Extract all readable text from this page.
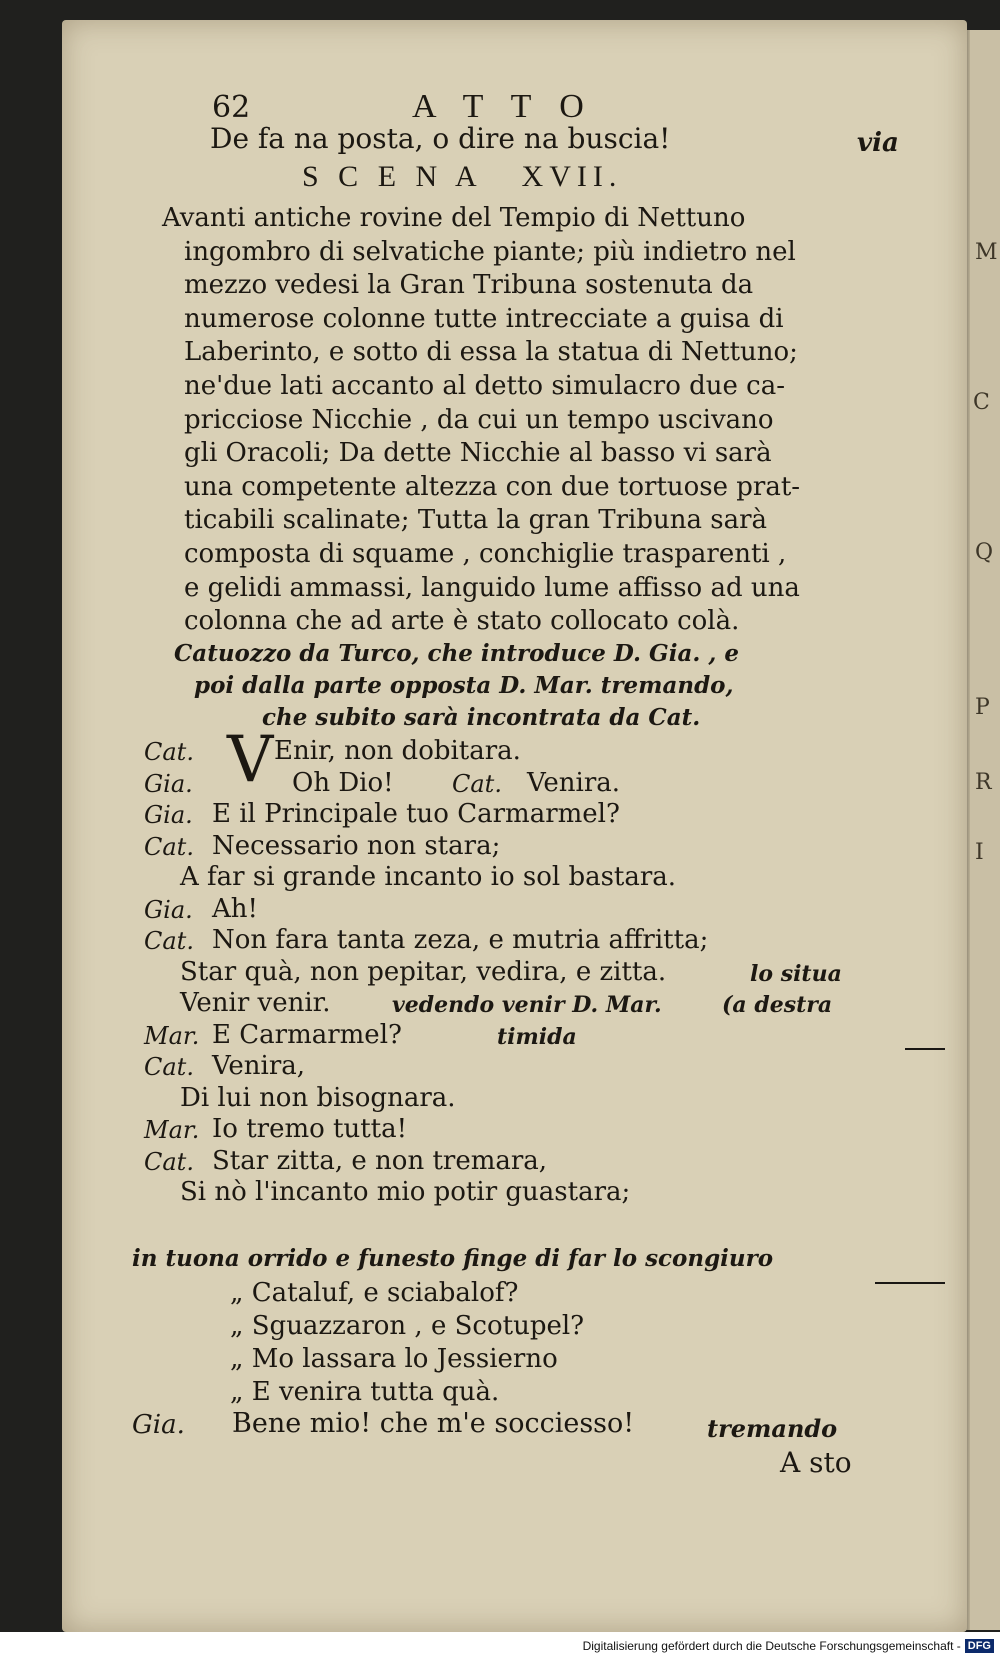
M
C
Q
P
R
I
62	A T T O
De fa na posta, o dire na buscia!	via
S C E N A   XVII.
Avanti antiche rovine del Tempio di Nettuno
ingombro di selvatiche piante; più indietro nel
mezzo vedesi la Gran Tribuna sostenuta da
numerose colonne tutte intrecciate a guisa di
Laberinto, e sotto di essa la statua di Nettuno;
ne'due lati accanto al detto simulacro due ca-
pricciose Nicchie , da cui un tempo uscivano
gli Oracoli; Da dette Nicchie al basso vi sarà
una competente altezza con due tortuose prat-
ticabili scalinate; Tutta la gran Tribuna sarà
composta di squame , conchiglie trasparenti ,
e gelidi ammassi, languido lume affisso ad una
colonna che ad arte è stato collocato colà.
Catuozzo da Turco, che introduce D. Gia. , e
poi dalla parte opposta D. Mar. tremando,
che subito sarà incontrata da Cat.
V
Cat.	Enir, non dobitara.
Gia.	Oh Dio! Cat. Venira.
Gia. E il Principale tuo Carmarmel?
Cat. Necessario non stara;
A far si grande incanto io sol bastara.
Gia. Ah!
Cat. Non fara tanta zeza, e mutria affritta;
Star quà, non pepitar, vedira, e zitta.	lo situa
Venir venir.	vedendo venir D. Mar.	(a destra
Mar. E Carmarmel?	timida
Cat. Venira,
Di lui non bisognara.
Mar. Io tremo tutta!
Cat. Star zitta, e non tremara,
Si nò l'incanto mio potir guastara;
in tuona orrido e funesto finge di far lo scongiuro
„ Cataluf, e sciabalof?
„ Sguazzaron , e Scotupel?
„ Mo lassara lo Jessierno
„ E venira tutta quà.
Gia. Bene mio! che m'e socciesso!	tremando
A sto
Digitalisierung gefördert durch die Deutsche Forschungsgemeinschaft - DFG
